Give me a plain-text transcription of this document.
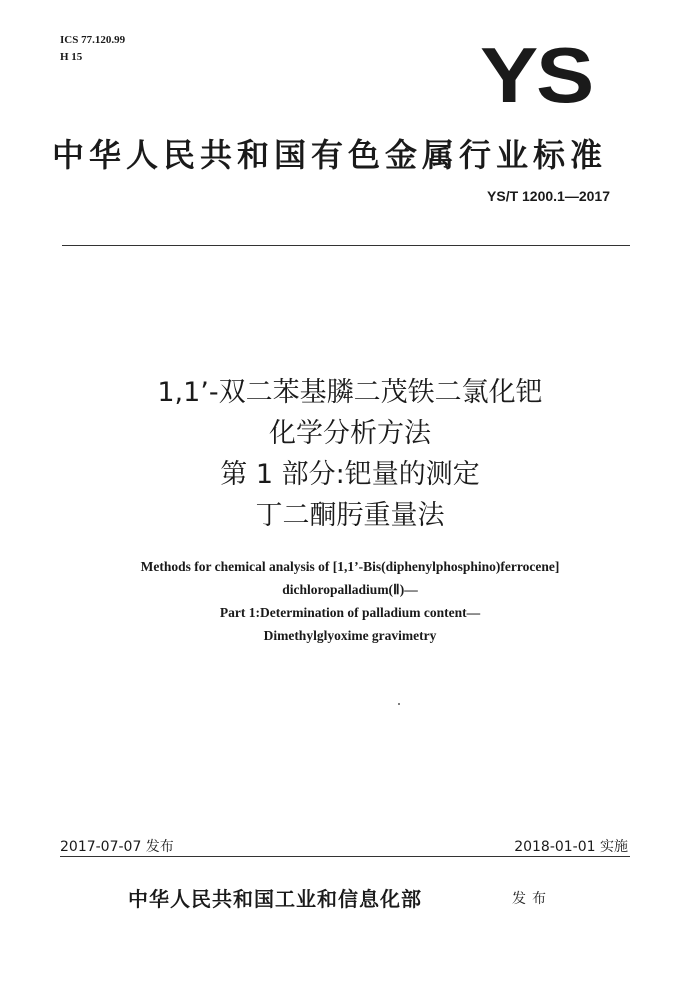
ICS 77.120.99
H 15	YS
中华人民共和国有色金属行业标准
YS/T 1200.1—2017
1,1’-双二苯基膦二茂铁二氯化钯
化学分析方法
第 1 部分:钯量的测定
丁二酮肟重量法
Methods for chemical analysis of [1,1’-Bis(diphenylphosphino)ferrocene]
dichloropalladium(Ⅱ)—
Part 1:Determination of palladium content—
Dimethylglyoxime gravimetry
2017-07-07 发布	2018-01-01 实施
中华人民共和国工业和信息化部	发布
